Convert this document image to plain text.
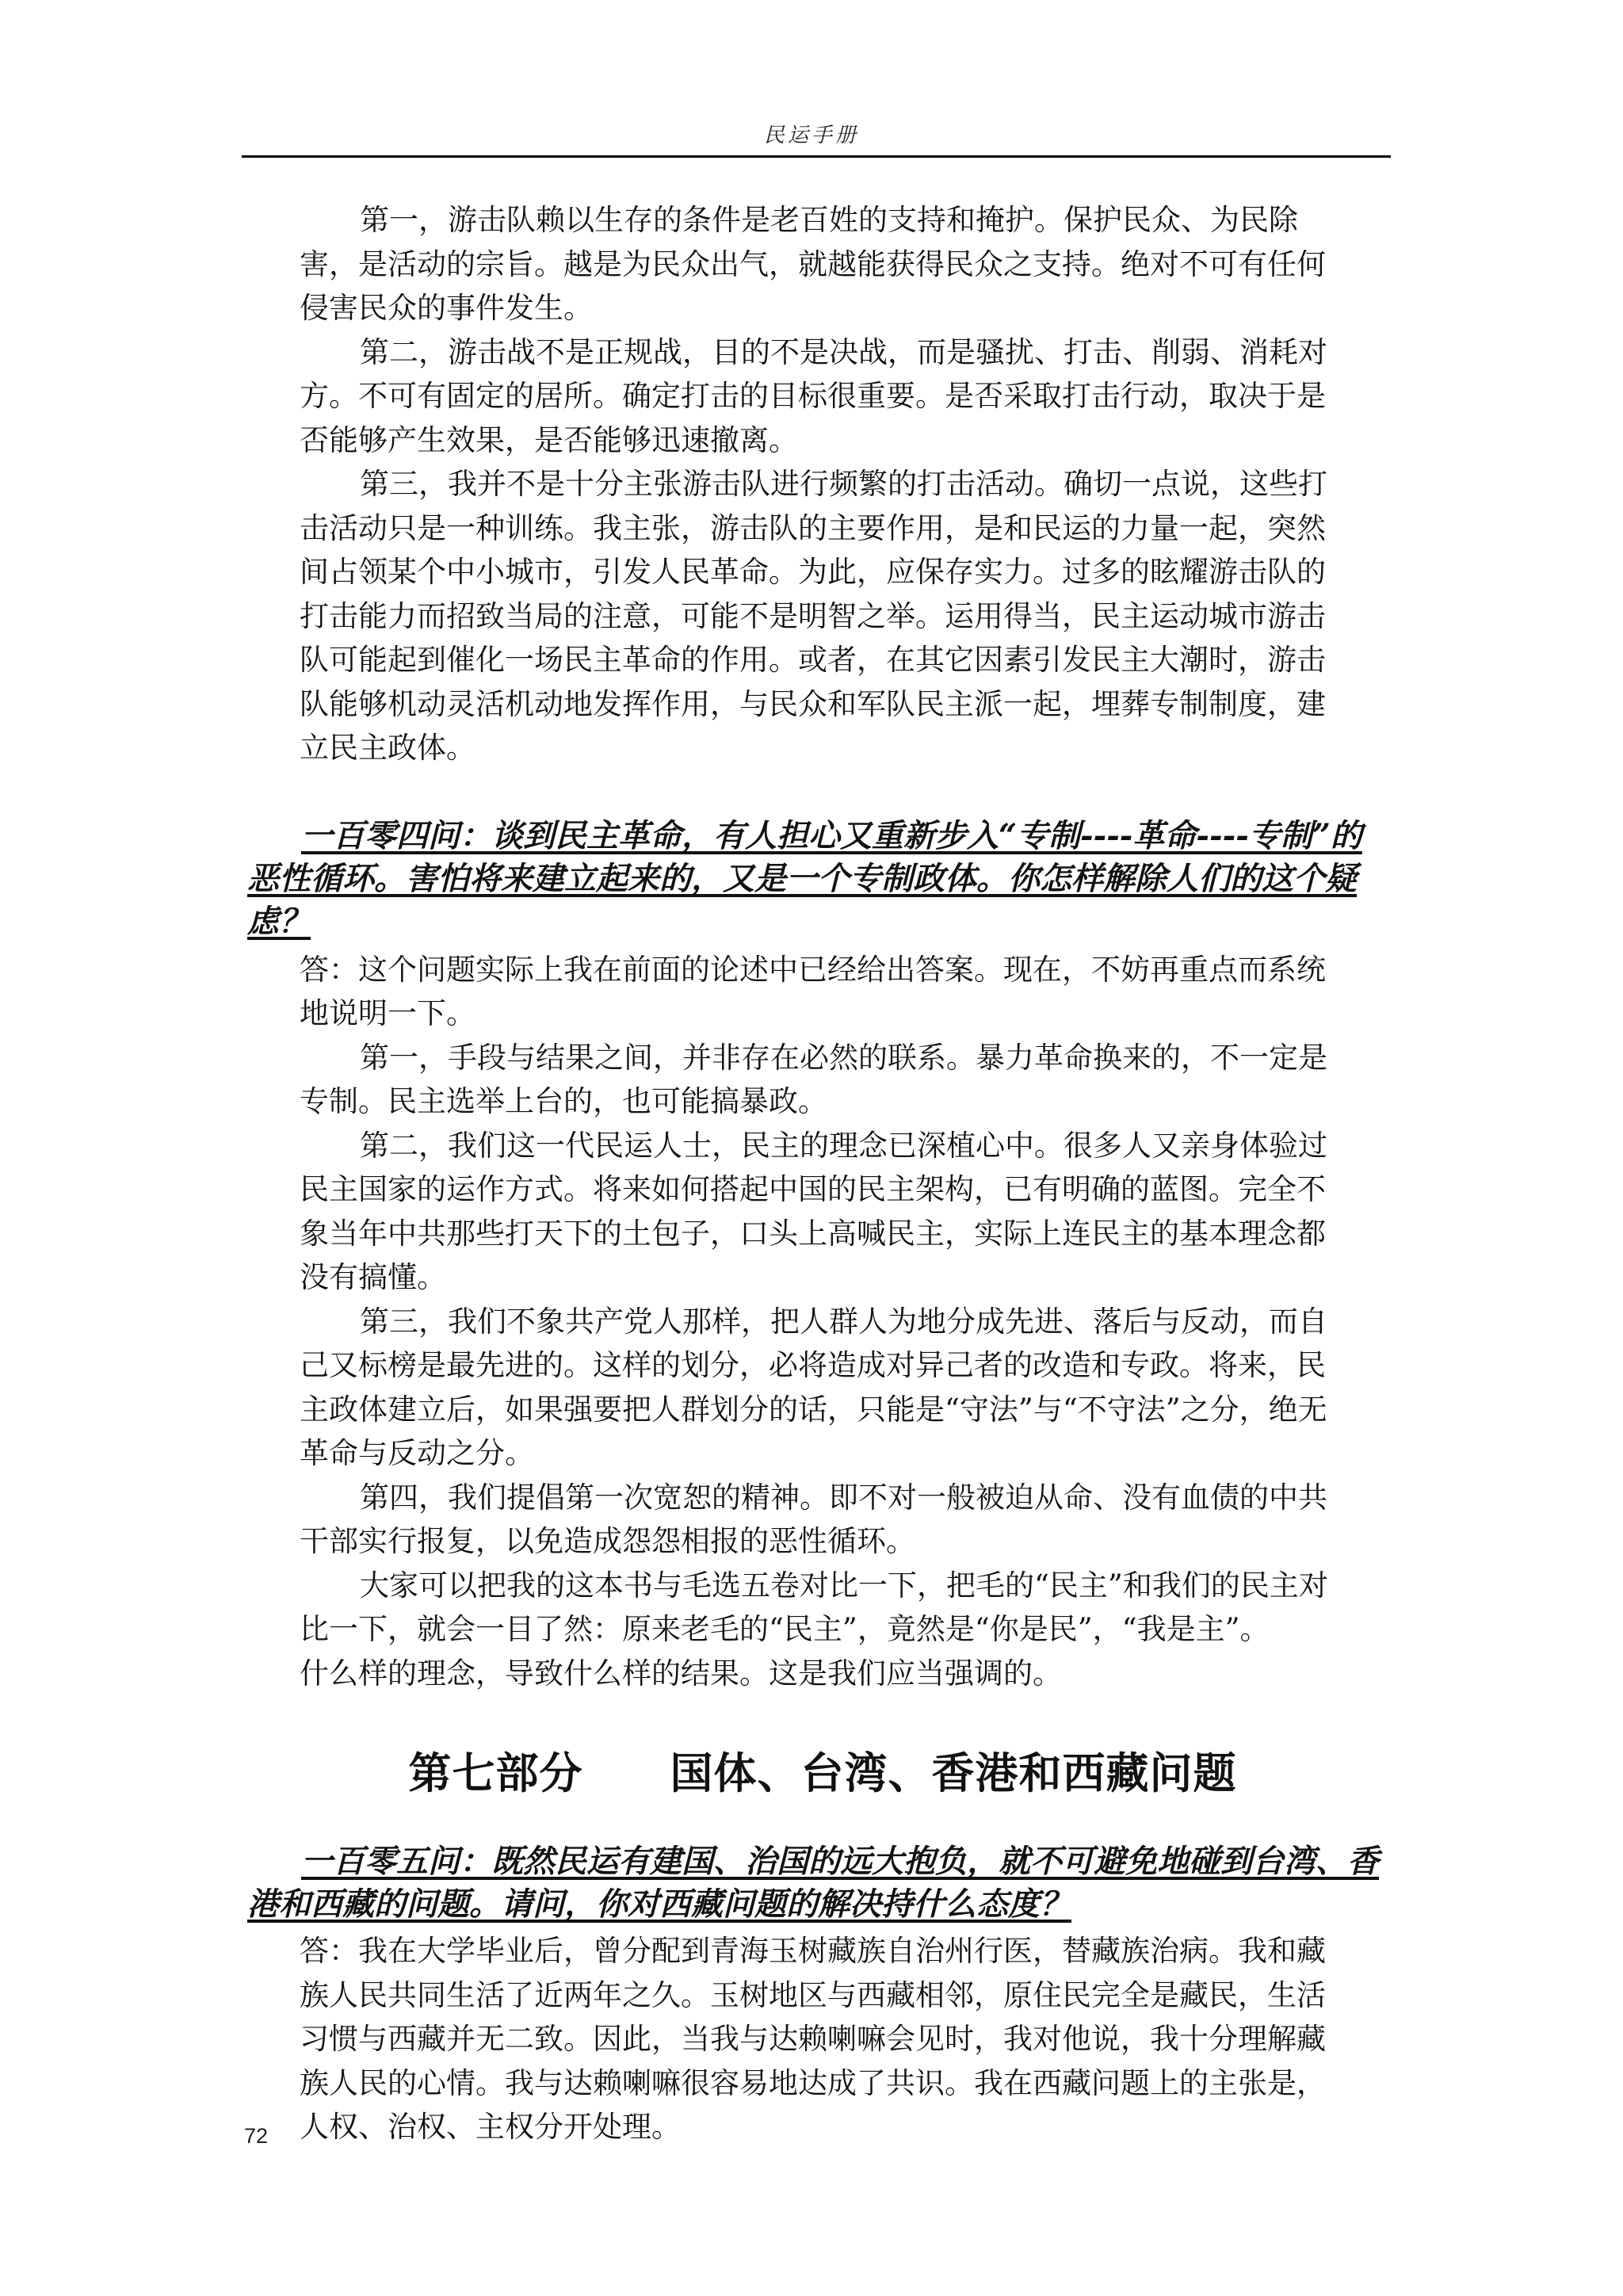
民运手册

第一，游击队赖以生存的条件是老百姓的支持和掩护。保护民众、为民除害，是活动的宗旨。越是为民众出气，就越能获得民众之支持。绝对不可有任何侵害民众的事件发生。

第二，游击战不是正规战，目的不是决战，而是骚扰、打击、削弱、消耗对方。不可有固定的居所。确定打击的目标很重要。是否采取打击行动，取决于是否能够产生效果，是否能够迅速撤离。

第三，我并不是十分主张游击队进行频繁的打击活动。确切一点说，这些打击活动只是一种训练。我主张，游击队的主要作用，是和民运的力量一起，突然间占领某个中小城市，引发人民革命。为此，应保存实力。过多的眩耀游击队的打击能力而招致当局的注意，可能不是明智之举。运用得当，民主运动城市游击队可能起到催化一场民主革命的作用。或者，在其它因素引发民主大潮时，游击队能够机动灵活机动地发挥作用，与民众和军队民主派一起，埋葬专制制度，建立民主政体。

一百零四问：谈到民主革命，有人担心又重新步入“专制----革命----专制”的恶性循环。害怕将来建立起来的，又是一个专制政体。你怎样解除人们的这个疑虑？

答：这个问题实际上我在前面的论述中已经给出答案。现在，不妨再重点而系统地说明一下。

第一，手段与结果之间，并非存在必然的联系。暴力革命换来的，不一定是专制。民主选举上台的，也可能搞暴政。

第二，我们这一代民运人士，民主的理念已深植心中。很多人又亲身体验过民主国家的运作方式。将来如何搭起中国的民主架构，已有明确的蓝图。完全不象当年中共那些打天下的土包子，口头上高喊民主，实际上连民主的基本理念都没有搞懂。

第三，我们不象共产党人那样，把人群人为地分成先进、落后与反动，而自己又标榜是最先进的。这样的划分，必将造成对异己者的改造和专政。将来，民主政体建立后，如果强要把人群划分的话，只能是“守法”与“不守法”之分，绝无革命与反动之分。

第四，我们提倡第一次宽恕的精神。即不对一般被迫从命、没有血债的中共干部实行报复，以免造成怨怨相报的恶性循环。

大家可以把我的这本书与毛选五卷对比一下，把毛的“民主”和我们的民主对比一下，就会一目了然：原来老毛的“民主”，竟然是“你是民”，“我是主”。

什么样的理念，导致什么样的结果。这是我们应当强调的。

第七部分　　国体、台湾、香港和西藏问题

一百零五问：既然民运有建国、治国的远大抱负，就不可避免地碰到台湾、香港和西藏的问题。请问，你对西藏问题的解决持什么态度？

答：我在大学毕业后，曾分配到青海玉树藏族自治州行医，替藏族治病。我和藏族人民共同生活了近两年之久。玉树地区与西藏相邻，原住民完全是藏民，生活习惯与西藏并无二致。因此，当我与达赖喇嘛会见时，我对他说，我十分理解藏族人民的心情。我与达赖喇嘛很容易地达成了共识。我在西藏问题上的主张是，人权、治权、主权分开处理。

72
